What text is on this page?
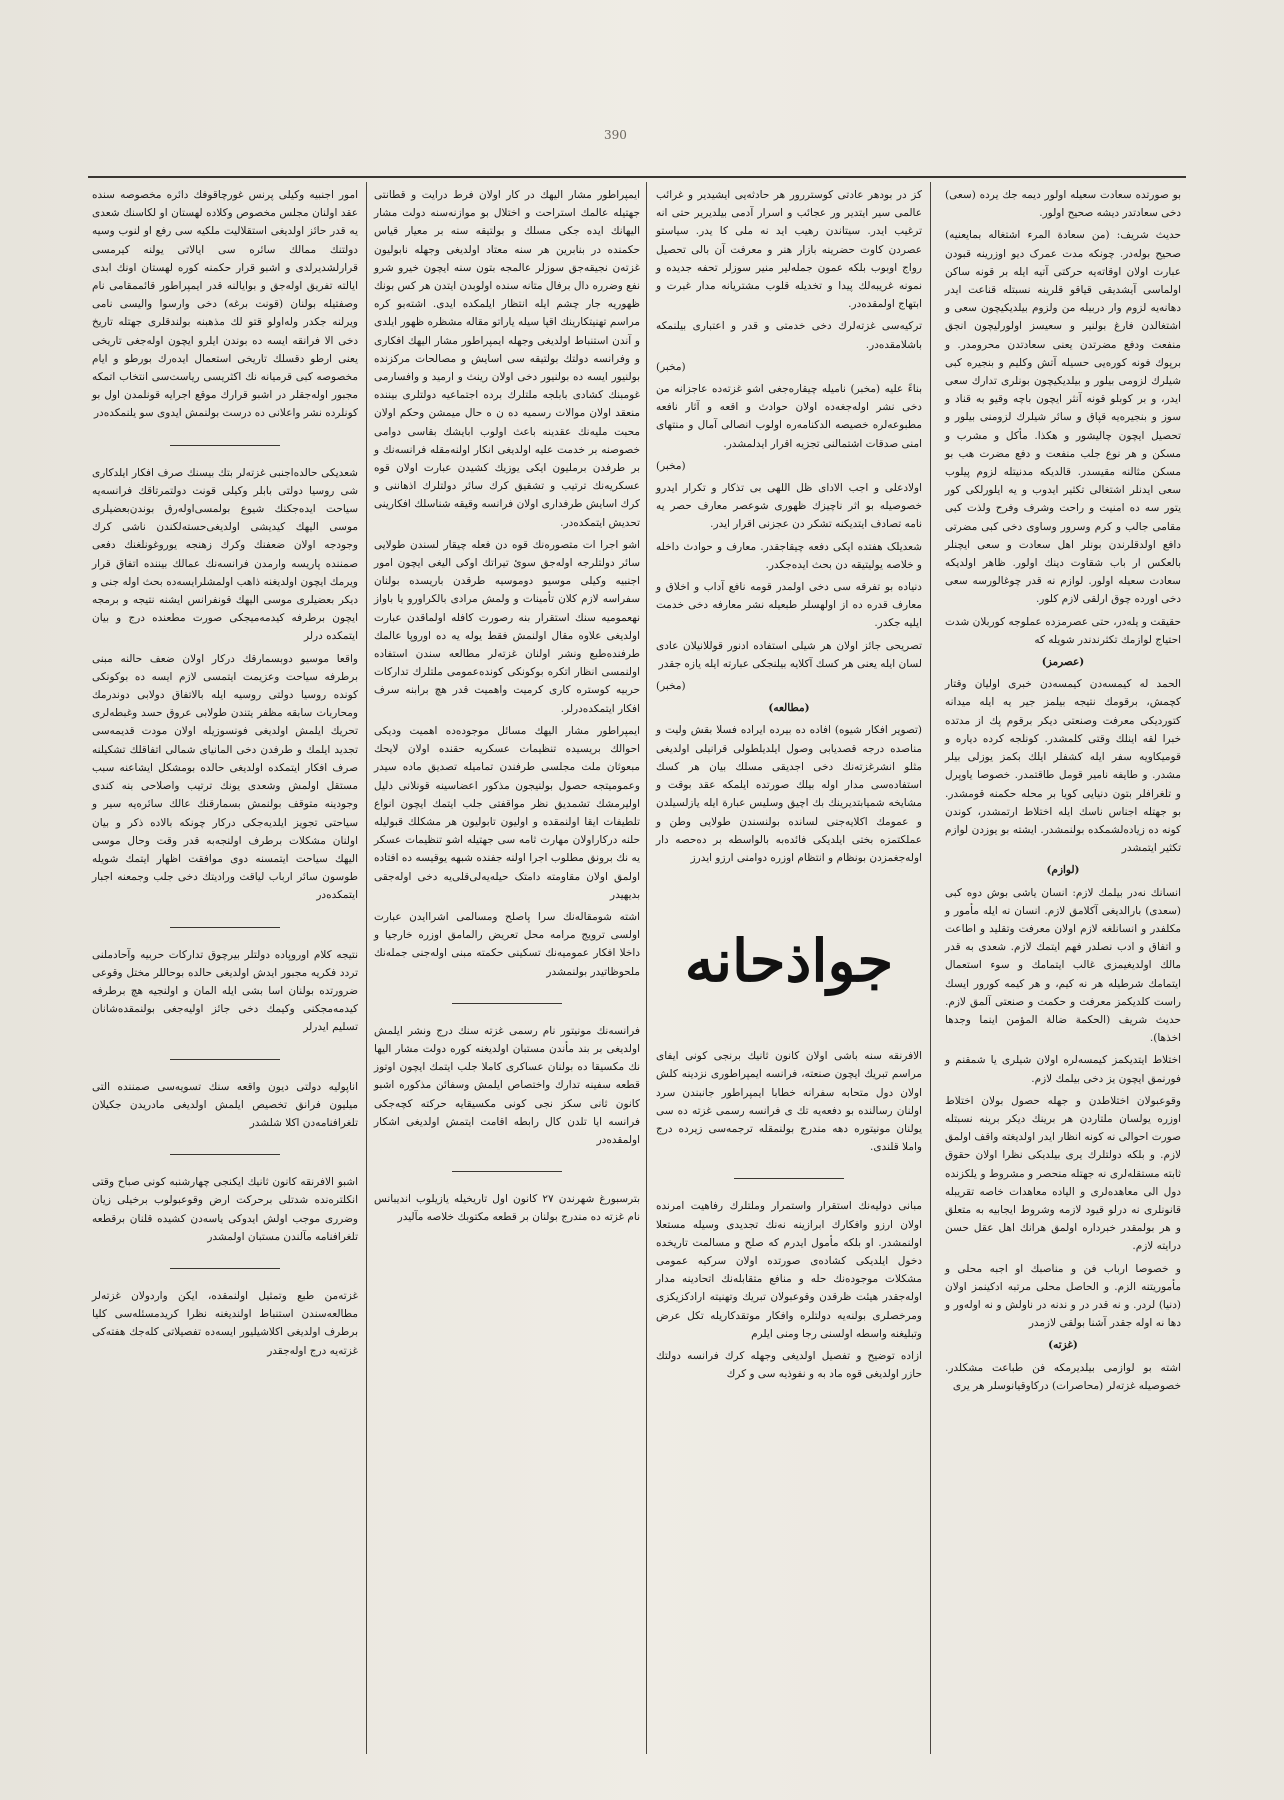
390

بو صورتده سعادت سعیله اولور دیمه جك یرده (سعی) دخی سعادتدر دیشه صحیح اولور.

حدیث شریف: (من سعادة المرء اشتغاله بمایعنیه) صحیح بوله‌در. چونکه مدت عمرک دیو اوزرینه قبودن عبارت اولان اوقاته‌یه حرکتی آتیه ایله بر قونه ساکن اولماسی آیشدیقی قیاقو قلرینه نسبتله قناعت ایدر دهانه‌یه لزوم وار دربیله من ولزوم بیلدیکیچون سعی و اشتغالدن فارغ بولنیر و سعیسز اولورلیچون انجق منفعت ودفع مضرتدن یعنی سعادتدن محرومدر. و برپوك فونه کوره‌یی حسیله آتش وکلیم و بنجیره کبی شیلرك لزومی بیلور و بیلدیکیچون بونلری تدارك سعی ایدر، و بر کوبلو قونه آنثر ایچون باچه وقیو به قناد و سوز و بنجیره‌یه قپاق و سائر شیلرك لزومنی بیلور و تحصیل ایچون چالیشور و هکذا. مأكل و مشرب و مسكن و هر نوع جلب منفعت و دفع مضرت هب بو مسكن مثالنه مقیسدر. قالدیکه مدنیتله لزوم پیلوب سعی ایدنلر اشتغالی تکثیر ایدوب و یه ایلورلکی کور یتور سه ده امنیت و راحت وشرف وفرح ولذت کبی مقامی جالب و کرم وسرور وساوی دخی کبی مضرتی دافع اولدقلرندن بونلر اهل سعادت و سعی ایچنلر بالعکس ار باب شقاوت دینك اولور. ظاهر اولدیکه سعادت سعیله اولور. لوازم نه قدر چوغالورسه سعی دخی اورده چوق ارلقی لازم کلور.

حقیقت و یله‌در، حتی عصرمزده عملوجه کوربلان شدت احتیاج لوازمك تکثرندندر شویله که

(عصرمز)

الحمد له کیمسه‌دن کیمسه‌دن خبری اولیان وقتار کچمش، برقومك نتیجه بیلمز جیر یه ایله میدانه کتوردیکی معرفت وصنعتی دیکر برقوم پك از مدتده خبرا لقه اینلك وقتی کلمشدر. کونلجه کرده دیاره و قومیکاویه سفر ایله کشفلر ایلك بکمز یوزلی بیلر مشدر. و طایفه نامیر قومل طاقتمدر. خصوصا ياوپرل و تلغرافلر بتون دنیایی کویا بر محله حکمنه قومشدر. بو جهتله اجناس ناسك ایله اختلاط ارتمشدر، کوندن کونه ده زیاده‌لشمکده بولنمشدر. ایشته بو یوزدن لوازم تکثیر ایتمشدر

(لوازم)

انسانك نه‌در بیلمك لازم: انسان یاشی بوش دوه کبی (سعدی) بارالدیغی آکلامق لازم. انسان نه ایله مأمور و مکلفدر و انسانلغه لازم اولان معرفت وتقلید و اطاعت و اتفاق و ادب نصلدر فهم ایتمك لازم. شعدی به قدر مالك اولدیغیمزی غالب ایتمامك و سوء استعمال ایتمامك شرطیله هر نه کیم، و هر کیمه کورور ایسك راست کلدیکمز معرفت و حکمت و صنعتی آلمق لازم. حدیث شریف (الحکمة ضالة المؤمن اینما وجدها اخذها).

اختلاط ایتدیکمز کیمسه‌لره اولان شیلری یا شمقنم و فورنمق ایچون یز دخی بیلمك لازم.

وقوعبولان اختلاطدن و جهله حصول بولان اختلاط اوزره یولسان ملتاردن هر برینك دیکر برینه نسبتله صورت احوالی نه کونه انظار ایدر اولدیغته واقف اولمق لازم. و بلکه دولتلرك یری بیلدیکی نظرا اولان حقوق ثابته مستقله‌لری نه جهتله منحصر و مشروط و یلکزنده دول الی معاهده‌لری و الیاده معاهدات خاصه تقریبله قانونلری نه درلو قیود لازمه وشروط ایجابیه به متعلق و هر بولمقدر خبرداره اولمق هرانك اهل عقل حسن درایته لازم.

و خصوصا ارباب فن و مناصبك او اجبه محلی و مأموریتنه الزم. و الحاصل محلی مرتبه ادکینمز اولان (دنیا) لردر. و نه قدر در و ندنه در ناولش و نه اوله‌ور و دها نه اوله جقدر آشنا بولقی لازمدر

(غزته)

اشته بو لوازمی بیلدیرمکه فن طباعت مشکلدر. خصوصیله غزته‌لر (محاصرات) درکاوقیانوسلر هر یری

کز در بودهر عادتی کوستررور هر حادثه‌یی ایشیدیر و غرائب عالمی سیر ایتدیر ور عجائب و اسرار آدمی بیلدیریر حتی انه ترغیب ایدر. سیتاندن رهیب اید نه ملی کا یدر. سیاستو عصردن کاوت حضرینه بازار هنر و معرفت آن بالی تحصیل رواج اوبوب بلکه عمون جمله‌لیر منیر سوزلر تحفه جدیده و نمونه غریبه‌لك پیدا و تخدیله قلوب مشتریانه مدار غبرت و ابتهاج اولمقده‌در.

ترکیه‌سی غزته‌لرك دخی خدمتی و قدر و اعتباری بیلنمکه باشلامقده‌در.

(مخبر)

بناءً عليه (مخبر) نامیله چیقاره‌جغی اشو غزته‌ده عاجزانه من دخی نشر اوله‌جغه‌ده اولان حوادث و اقعه و آثار نافعه مطبوعه‌لره خصیصه الدکنامه‌ره اولوب انصالی آمال و منتهای امنی صدقات اشتمالنی تجزیه اقرار ایدلمشدر.

(مخبر)

اولادعلی و اجب الادای ظل اللهی بی تذکار و تکرار ایدرو خصوصیله بو اثر ناچیزك ظهوری شوعصر معارف حصر یه نامه تصادف ایتدیکنه تشکر دن عجزنی اقرار ایدر.

شعدیلک هفتده ایکی دفعه چیقاجقدر. معارف و حوادث داخله و خلاصه یولیتیقه دن بحث ایده‌جکدر.

دنیاده بو تفرقه سی دخی اولمدر قومه نافع آداب و اخلاق و معارف قدره ده از اولهسلر طبعیله نشر معارفه دخی خدمت ایلیه جکدر.

تصریحی جائز اولان هر شیلی استفاده ادنور قوللانیلان عادی لسان ایله یعنی هر کسك آکلایه بیلنجکی عبارته ایله یازه جقدر

(مخبر)

(مطالعه)

(تصویر افکار شیوه) افاده ده بیرده ایراده فسلا بقش ولیت و مناصده درجه قصدیابی وصول ایلدیلطولی قرانیلی اولدیغی مثلو انشرغزته‌نك دخی اجدیقی مسلك بیان هر کسك استفاده‌سی مدار اوله بیلك صورتده ایلمکه عقد بوقت و مشایخه شمیابتدیرینك بك اچیق وسلیس عبارة ایله یازلسیلدن و عمومك اکلایه‌جنی لسانده بولنسندن طولایی وطن و عملکتمزه بختی ایلدیکی فائده‌به بالواسطه بر ده‌حصه دار اوله‌جغمزدن بونظام و انتظام اوزره دوامنی ارزو ایدرز

جواذحانه

الافرنقه سنه باشی اولان کانون ثانیك برنجی کونی ایفای مراسم تبریك ایچون صنعته، فرانسه ایمپراطوری نزدینه کلش اولان دول متحابه سفرانه خطابا ایمپراطور جانبندن سرد اولنان رسالنده بو دفعه‌یه تك ی فرانسه رسمی غزته ده سی یولنان مونیتوره دهه مندرج بولنمقله ترجمه‌سی زیرده درج واملا قلندی.

مبانی دولیه‌نك استقرار واستمرار وملتلرك رفاهیت امرنده اولان ارزو وافکارك ابرازینه نه‌نك تجدیدی وسیله مستعلا اولنمشدر. او بلكه مأمول ایدرم که صلح و مسالمت تاریخده دخول ایلدیکی کشاده‌ی صورتده اولان سرکیه عمومی مشکلات موجوده‌نك حله و منافع متقابله‌نك اتحادینه مدار اوله‌جقدر هیئت ظرقدن وقوعبولان تبریك وتهنیته ارادکزیکزی ومرخصلری بولنه‌یه دولتلره وافکار موتقدکاریله تكل عرض وتبلیغنه واسطه اولسنی رجا ومنی ایلرم

ازاده توضیح و تفصیل اولدیغی وجهله کرك فرانسه دولتك حازر اولدیغی قوه ماد به و نفوذیه سی و کرك

ایمپراطور مشار الیهك در کار اولان فرط درایت و قطانتی جهتیله عالمك استراحت و اختلال بو موازنه‌سنه دولت مشار الیهانك ایده جکی مسلك و بولتیقه سنه بر معیار قیاس حکمنده در بنابرین هر سنه معتاد اولدیغی وجهله نابولیون غزته‌ن نجیقه‌جق سوزلر عالمجه بتون سنه ایچون خیرو شرو نفع وضرره دال برفال متانه سنده اولوبدن ایتدن هر کس بونك ظهوریه جار چشم ایله انتظار ایلمکده ایدی. اشته‌بو کره مراسم تهنیتکارینك اقپا سیله یاراتو مقاله مشظره ظهور ایلدی و آندن استنباط اولدیغی وجهله ایمپراطور مشار الیهك افکاری و وفرانسه دولتك بولتیقه سی اسایش و مصالحات مرکزنده بولنیور ایسه ده بولنیور دخی اولان رینث و ارمید و وافسارمی غومبنك کشادی بابلجه ملتلرك برده اجتماعیه دولتلری بیننده منعقد اولان موالات رسمیه ده ن ه حال میمشن وحکم اولان محبت ملیه‌نك عقدینه باعث اولوب ابایشك بقاسی دوامی خصوصنه بر خدمت علیه اولدیغی انکار اولنه‌مقله فرانسه‌نك و بر طرفدن برملیون ایکی یوزیك کشیدن عبارت اولان قوه عسکریه‌نك ترتیب و تشقیق کرك سائر دولتلرك اذهاننی و کرك اسایش طرفداری اولان فرانسه وقیقه شناسلك افکارینی تحدیش ایتمکده‌در.

اشو اجرا ات متصوره‌نك قوه دن فعله چیقار لسندن طولایی سائر دولتلرجه اوله‌جق سوئ تیراتك اوکی الیغی ایچون امور اجنبیه وکیلی موسیو دوموسیه طرقدن باریسده بولنان سفراسه لازم کلان تأمینات و ولمش مرادی بالکراورو یا باواز نهعمومیه سنك استقرار بنه رصورت کافله اولماقدن عبارت اولدیغی علاوه مقال اولنمش فقط یوله یه ده اوروپا عالمك طرفنده‌طبع ونشر اولنان غزته‌لر مطالعه سندن استفاده اولنمسی انظار اتكره بوکونکی کونده‌عمومی ملتلرك تدارکات حربیه کوستره کاری کرمیت واهمیت قدر هچ برابنه سرف افکار ایتمکده‌درلر.

ایمپراطور مشار الیهك مسائل موجوده‌ده اهمیت ودیکی احوالك بریسیده تنظیمات عسکریه حقنده اولان لایحك مبعوثان ملت مجلسی طرفندن تماميله تصدیق ماده سیدر وعمومیتجه حصول بولنیجون مذکور اعضاسینه قونلانی دلیل اولیرمشك تشمدیق نظر مواقفتی جلب ایتمك ایچون انواع تلطیفات ایقا اولنمقده و اولیون تابولیون هر مشكلك قبولیله حلنه درکاراولان مهارت ثامه سی جهتیله اشو تنظیمات عسكر یه نك برونق مطلوب اجرا اولنه جفنده شبهه یوقیسه ده افتاده اولمق اولان مقاومته دامتک حیله‌یه‌لی‌قلی‌یه دخی اوله‌جقی بدیهیدر

اشته شومقاله‌نك سرا پاصلح ومسالمی اشراایدن عبارت اولسی ترویج مرامه محل تعریض رالمامق اوزره خارجیا و داخلا افکار عمومیه‌نك تسکینی حکمته مبنی اوله‌جنی جمله‌نك ملحوظاتیدر بولنمشدر

فرانسه‌نك مونیتور نام رسمی غزته سنك درج ونشر ایلمش اولدیغی بر بند مأندن مستبان اولدیغنه کوره دولت مشار الیها نك مکسیقا ده بولنان عساکری کاملا جلب ایتمك ایچون اوتوز قطعه سفینه تدارك واختصاص ایلمش وسفائن مذکوره اشبو کانون ثانی سکز نجی کونی مکسیقایه حرکته کچه‌جکی فرانسه ایا تلدن کال رابطه اقامت ایتمش اولدیغی اشکار اولمقده‌در

بترسبورغ شهرندن ۲۷ کانون اول تاریخیله یازیلوب اندیبانس نام غزته ده مندرج بولنان بر قطعه مکتوبك خلاصه مآلیدر

امور اجنبیه وکیلی پرنس غورچاقوفك دائره مخصوصه سنده عقد اولنان مجلس مخصوص وکلاده لهستان او لکاسنك شعدی یه قدر حائز اولدیغی استقلالیت ملکیه سی رفع او لنوب وسیه دولتنك ممالك سائره سی ایالاتی یولنه کیرمسی قرارلشدیرلدی و اشبو قرار حکمنه کوره لهستان اونك ابدی ایالته تفریق اوله‌جق و بوایالنه قدر ایمپراطور قائممقامی نام وصفتیله بولنان (قونت برغه) دخی وارسوا والیسی نامی ویرلنه جکدر وله‌اولو قتو لك مذهبنه بولندقلری جهتله تاریخ دخی الا فرانقه ایسه ده بوندن ایلرو ایچون اوله‌جغی تاریخی یعنی ارطو دقسلك تاریخی استعمال ایده‌رك بورطو و ایام مخصوصه کبی قرمیانه نك اکثریسی ریاست‌سی انتخاب اتمکه مجبور اوله‌جقلر در اشبو قرارك موقع اجرایه قونلمدن اول بو کونلرده نشر واعلانی ده درست بولنمش ایدوی سو یلنمکده‌در

شعدیکی حالده‌اجنبی غزته‌لر بتك بیسنك صرف افکار ایلدکاری شی روسیا دولتی بابلر وکیلی قونت دولتمرتاقك فرانسه‌یه سیاحت ایده‌جکنك شیوع بولمسی‌اوله‌رق بوندن‌بعضیلری موسی الیهك کیدیشی اولدیغی‌حسته‌لکندن ناشی کرك وجودجه اولان ضعفنك وکرك زهنجه یوروغونلغنك دفعی صمننده پاریسه وارمدن فرانسه‌نك عمالك بیننده اتفاق قرار ویرمك ایچون اولدیغنه ذاهب اولمشلرایسه‌ده بحث اوله جنی و دیکر بعضیلری موسی الیهك قونفرانس ایشنه نتیجه و برمجه ایچون برطرفه کیدمه‌میجکی صورت مطعنده درج و بیان ایتمکده درلر

واقعا موسیو دوبسمارقك درکار اولان ضعف حالنه مبنی برطرفه سیاحت وعزیمت ایتمسی لازم ایسه ده بوکونکی کونده روسیا دولتی روسیه ایله بالاتفاق دولابی دوندرمك ومحاربات سابقه مظفر یتندن طولابی عروق حسد وغبطه‌لری تحریك ایلمش اولدیغی فونسوزیله اولان مودت قدیمه‌سی تجدید ایلمك و طرفدن دخی المانیای شمالی اتفاقلك تشکیلنه صرف افکار ایتمکده اولدیغی حالده بومشکل ایشاعنه سبب مستقل اولمش وشعدی یونك ترتیب واصلاحی بنه کندی وجودینه متوقف بولنمش بسمارقنك عالك سائره‌یه سیر و سیاحتی تجویز ایلدیه‌جکی درکار چونکه بالاده ذکر و بیان اولنان مشکلات برطرف اولنجه‌به قدر وقت وحال موسی الیهك سیاحت ایتمسنه دوی موافقت اظهار ایتمك شویله طوسون سائر ارباب لیاقت ورادیتك دخی جلب وجمعنه اجبار ایتمکده‌در

نتیجه کلام اوروپاده دولتلر بیرچوق تدارکات حربیه وآحادملنی تردد فکریه مجبور ایدش اولدیغی حالده بوحاللر مختل وقوعی ضرورتده بولنان اسا بشی ایله المان و اولنجیه هچ برطرفه کیدمه‌مجکنی وکیمك دخی جائز اولیه‌جغی بولنمقده‌شانان تسلیم ایدرلر

اناپولیه دولتی دیون واقعه سنك تسویه‌سی صمننده التی میلیون فرانق تخصیص ایلمش اولدیغی مادریدن جکیلان تلغرافنامه‌دن اکلا شلشدر

اشبو الافرنقه کانون ثانیك ایکنجی چهارشنبه کونی صباح وقتی انکلتره‌نده شدتلی برحرکت ارض وقوعبولوب برخیلی زیان وضرری موجب اولش ایدوکی یاسه‌دن کشیده قلنان برقطعه تلغرافنامه مآلندن مستبان اولمشدر

غزته‌من طبع وتمثیل اولنمقده‌، ایکن واردولان غزته‌لر مطالعه‌سندن استنباط اولندیغنه نظرا کریدمسئله‌سی کلیا برطرف اولدیغی اکلاشیلیور ایسه‌ده تفصیلاتی کله‌جك هفته‌کی غزته‌یه درج اوله‌جقدر
